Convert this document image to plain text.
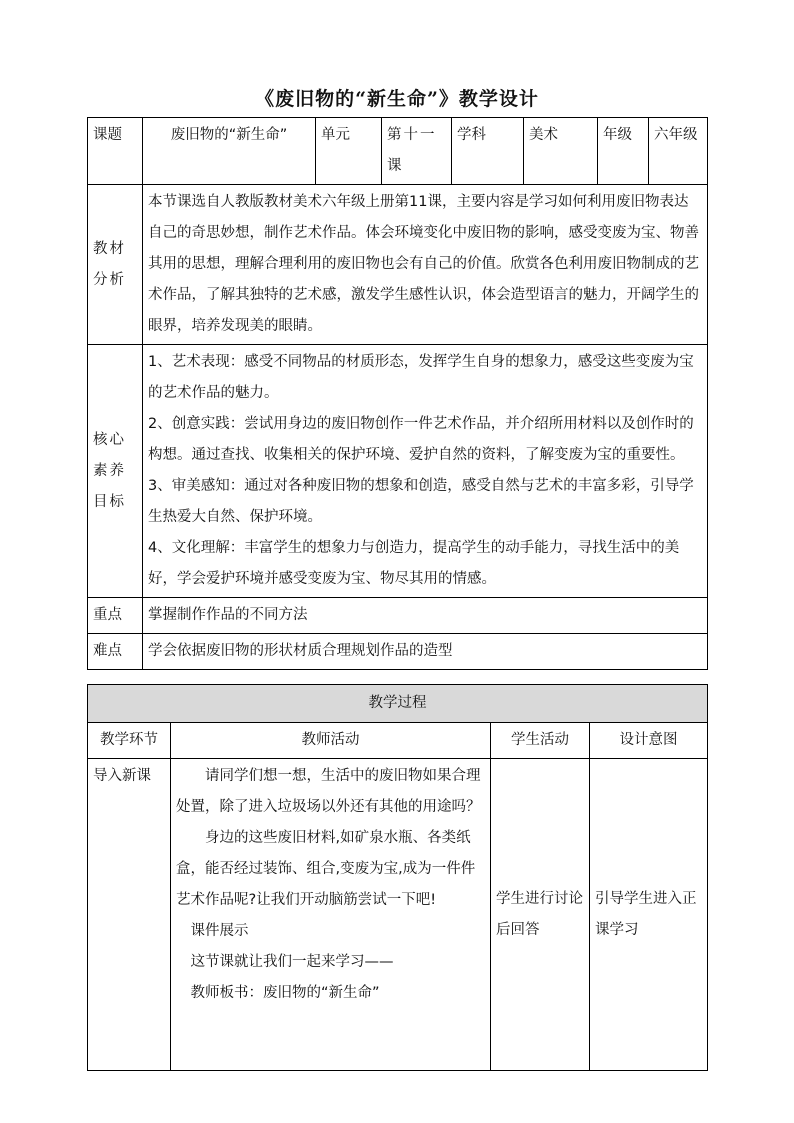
《废旧物的“新生命”》教学设计
课题	废旧物的“新生命”	单元	第十一课	学科	美术	年级	六年级
教材分析	本节课选自人教版教材美术六年级上册第11课，主要内容是学习如何利用废旧物表达自己的奇思妙想，制作艺术作品。体会环境变化中废旧物的影响，感受变废为宝、物善其用的思想，理解合理利用的废旧物也会有自己的价值。欣赏各色利用废旧物制成的艺术作品，了解其独特的艺术感，激发学生感性认识，体会造型语言的魅力，开阔学生的眼界，培养发现美的眼睛。						
核心素养目标	1、艺术表现：感受不同物品的材质形态，发挥学生自身的想象力，感受这些变废为宝的艺术作品的魅力。

2、创意实践：尝试用身边的废旧物创作一件艺术作品，并介绍所用材料以及创作时的构想。通过查找、收集相关的保护环境、爱护自然的资料，了解变废为宝的重要性。

3、审美感知：通过对各种废旧物的想象和创造，感受自然与艺术的丰富多彩，引导学生热爱大自然、保护环境。

4、文化理解：丰富学生的想象力与创造力，提高学生的动手能力，寻找生活中的美好，学会爱护环境并感受变废为宝、物尽其用的情感。						

重点	掌握制作作品的不同方法						
难点	学会依据废旧物的形状材质合理规划作品的造型						
教学过程			
教学环节	教师活动	学生活动	设计意图
导入新课	请同学们想一想，生活中的废旧物如果合理处置，除了进入垃圾场以外还有其他的用途吗？

身边的这些废旧材料,如矿泉水瓶、各类纸盒，能否经过装饰、组合,变废为宝,成为一件件艺术作品呢?让我们开动脑筋尝试一下吧!

课件展示

这节课就让我们一起来学习——

教师板书：废旧物的“新生命”	学生进行讨论后回答	引导学生进入正课学习
